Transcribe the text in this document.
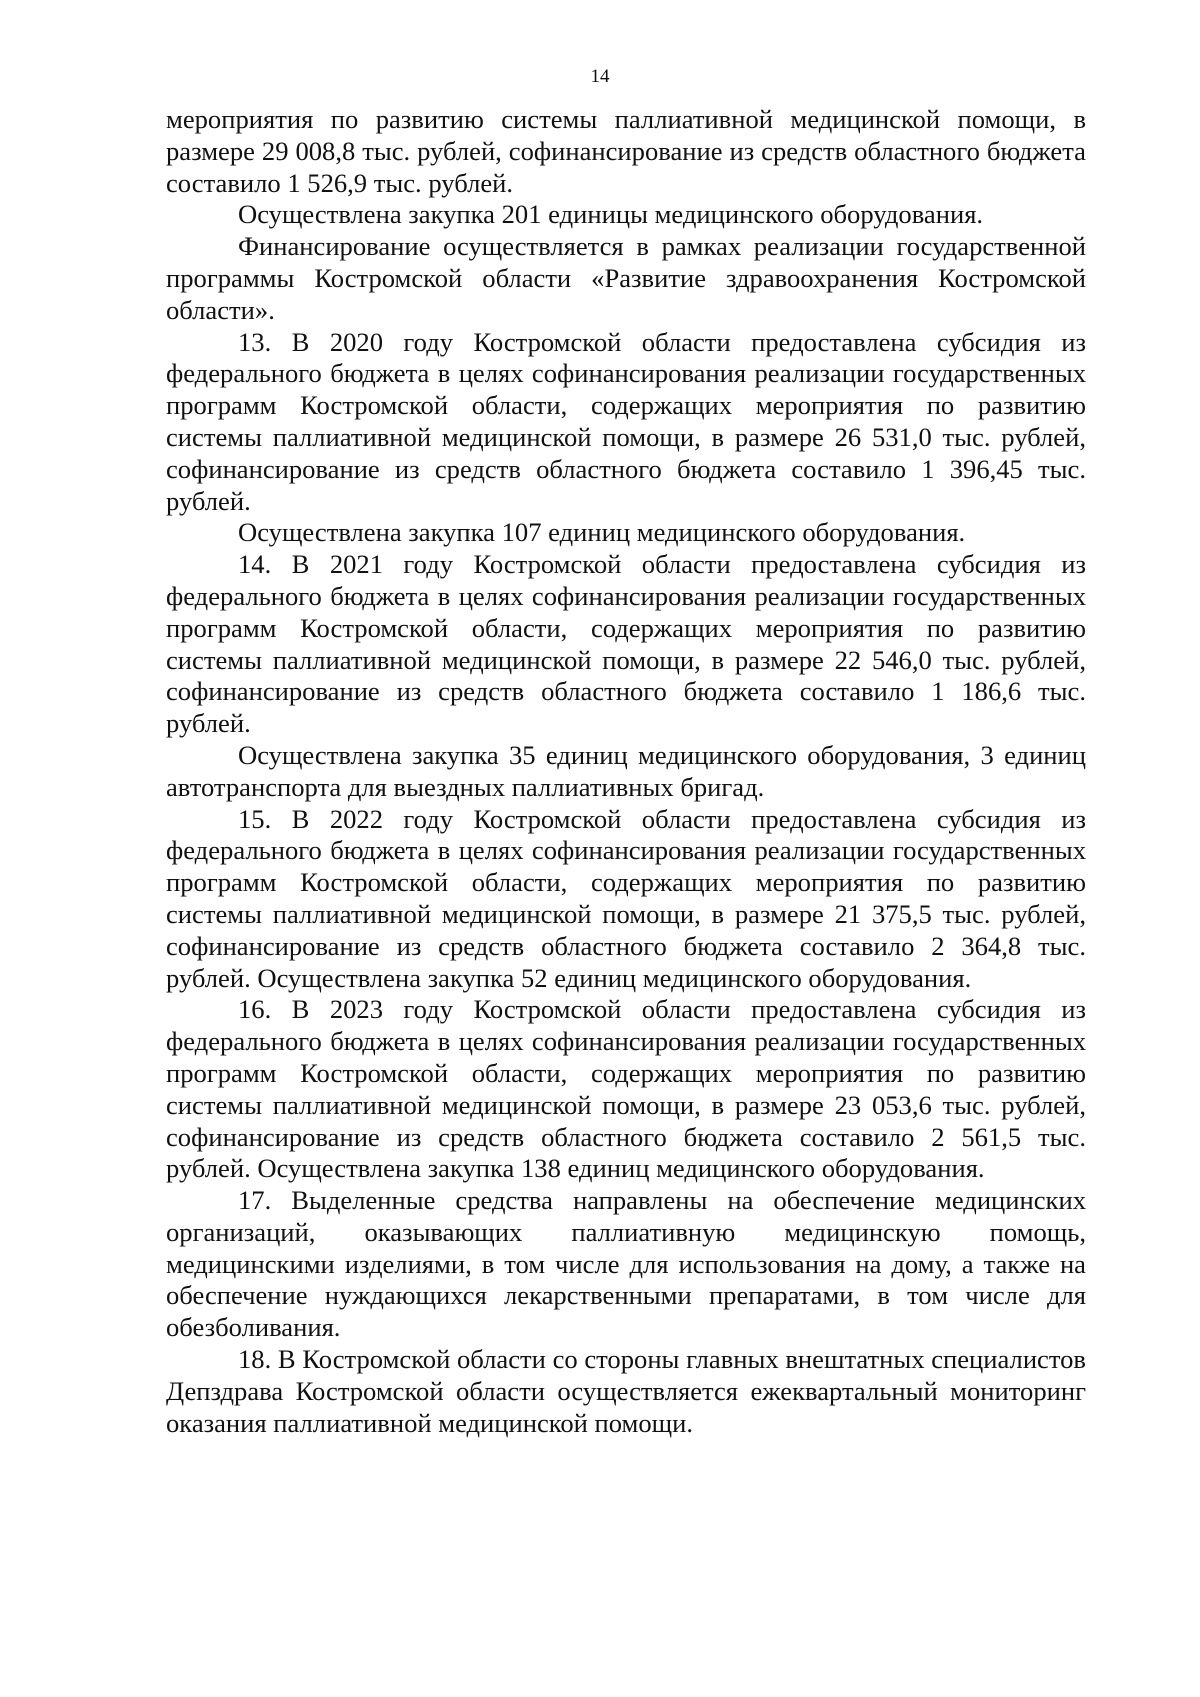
14

мероприятия по развитию системы паллиативной медицинской помощи, в размере 29 008,8 тыс. рублей, софинансирование из средств областного бюджета составило 1 526,9 тыс. рублей.

Осуществлена закупка 201 единицы медицинского оборудования.

Финансирование осуществляется в рамках реализации государственной программы Костромской области «Развитие здравоохранения Костромской области».

13. В 2020 году Костромской области предоставлена субсидия из федерального бюджета в целях софинансирования реализации государственных программ Костромской области, содержащих мероприятия по развитию системы паллиативной медицинской помощи, в размере 26 531,0 тыс. рублей, софинансирование из средств областного бюджета составило 1 396,45 тыс. рублей.

Осуществлена закупка 107 единиц медицинского оборудования.

14. В 2021 году Костромской области предоставлена субсидия из федерального бюджета в целях софинансирования реализации государственных программ Костромской области, содержащих мероприятия по развитию системы паллиативной медицинской помощи, в размере 22 546,0 тыс. рублей, софинансирование из средств областного бюджета составило 1 186,6 тыс. рублей.

Осуществлена закупка 35 единиц медицинского оборудования, 3 единиц автотранспорта для выездных паллиативных бригад.

15. В 2022 году Костромской области предоставлена субсидия из федерального бюджета в целях софинансирования реализации государственных программ Костромской области, содержащих мероприятия по развитию системы паллиативной медицинской помощи, в размере 21 375,5 тыс. рублей, софинансирование из средств областного бюджета составило 2 364,8 тыс. рублей. Осуществлена закупка 52 единиц медицинского оборудования.

16. В 2023 году Костромской области предоставлена субсидия из федерального бюджета в целях софинансирования реализации государственных программ Костромской области, содержащих мероприятия по развитию системы паллиативной медицинской помощи, в размере 23 053,6 тыс. рублей, софинансирование из средств областного бюджета составило 2 561,5 тыс. рублей. Осуществлена закупка 138 единиц медицинского оборудования.

17. Выделенные средства направлены на обеспечение медицинских организаций, оказывающих паллиативную медицинскую помощь, медицинскими изделиями, в том числе для использования на дому, а также на обеспечение нуждающихся лекарственными препаратами, в том числе для обезболивания.

18. В Костромской области со стороны главных внештатных специалистов Депздрава Костромской области осуществляется ежеквартальный мониторинг оказания паллиативной медицинской помощи.
